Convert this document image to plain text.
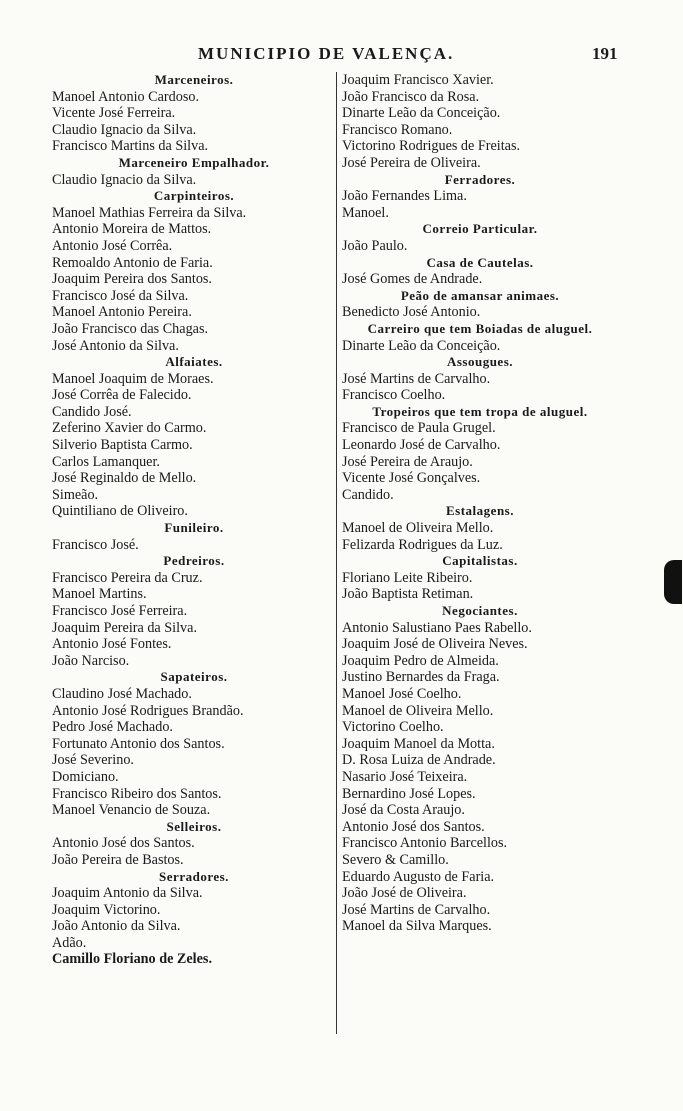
MUNICIPIO DE VALENÇA.	191
Marceneiros.
Manoel Antonio Cardoso.
Vicente José Ferreira.
Claudio Ignacio da Silva.
Francisco Martins da Silva.
Marceneiro Empalhador.
Claudio Ignacio da Silva.
Carpinteiros.
Manoel Mathias Ferreira da Silva.
Antonio Moreira de Mattos.
Antonio José Corrêa.
Remoaldo Antonio de Faria.
Joaquim Pereira dos Santos.
Francisco José da Silva.
Manoel Antonio Pereira.
João Francisco das Chagas.
José Antonio da Silva.
Alfaiates.
Manoel Joaquim de Moraes.
José Corrêa de Falecido.
Candido José.
Zeferino Xavier do Carmo.
Silverio Baptista Carmo.
Carlos Lamanquer.
José Reginaldo de Mello.
Simeão.
Quintiliano de Oliveiro.
Funileiro.
Francisco José.
Pedreiros.
Francisco Pereira da Cruz.
Manoel Martins.
Francisco José Ferreira.
Joaquim Pereira da Silva.
Antonio José Fontes.
João Narciso.
Sapateiros.
Claudino José Machado.
Antonio José Rodrigues Brandão.
Pedro José Machado.
Fortunato Antonio dos Santos.
José Severino.
Domiciano.
Francisco Ribeiro dos Santos.
Manoel Venancio de Souza.
Selleiros.
Antonio José dos Santos.
João Pereira de Bastos.
Serradores.
Joaquim Antonio da Silva.
Joaquim Victorino.
João Antonio da Silva.
Adão.
Camillo Floriano de Zeles.
Joaquim Francisco Xavier.
João Francisco da Rosa.
Dinarte Leão da Conceição.
Francisco Romano.
Victorino Rodrigues de Freitas.
José Pereira de Oliveira.
Ferradores.
João Fernandes Lima.
Manoel.
Correio Particular.
João Paulo.
Casa de Cautelas.
José Gomes de Andrade.
Peão de amansar animaes.
Benedicto José Antonio.
Carreiro que tem Boiadas de aluguel.
Dinarte Leão da Conceição.
Assougues.
José Martins de Carvalho.
Francisco Coelho.
Tropeiros que tem tropa de aluguel.
Francisco de Paula Grugel.
Leonardo José de Carvalho.
José Pereira de Araujo.
Vicente José Gonçalves.
Candido.
Estalagens.
Manoel de Oliveira Mello.
Felizarda Rodrigues da Luz.
Capitalistas.
Floriano Leite Ribeiro.
João Baptista Retiman.
Negociantes.
Antonio Salustiano Paes Rabello.
Joaquim José de Oliveira Neves.
Joaquim Pedro de Almeida.
Justino Bernardes da Fraga.
Manoel José Coelho.
Manoel de Oliveira Mello.
Victorino Coelho.
Joaquim Manoel da Motta.
D. Rosa Luiza de Andrade.
Nasario José Teixeira.
Bernardino José Lopes.
José da Costa Araujo.
Antonio José dos Santos.
Francisco Antonio Barcellos.
Severo & Camillo.
Eduardo Augusto de Faria.
João José de Oliveira.
José Martins de Carvalho.
Manoel da Silva Marques.
